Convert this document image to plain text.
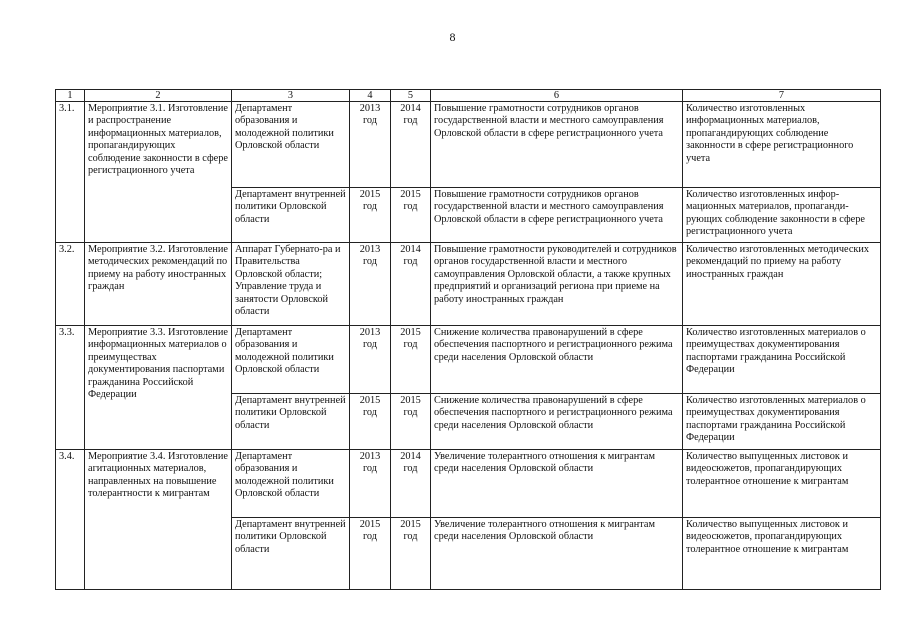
8
1	2	3	4	5	6	7
3.1.	Мероприятие 3.1. Изготовление и распространение информационных материалов, пропагандирующих соблюдение законности в сфере регистрационного учета	Департамент образования и молодежной политики Орловской области	2013 год	2014 год	Повышение грамотности сотрудников органов государственной власти и местного самоуправления Орловской области в сфере регистрационного учета	Количество изготовленных информационных материалов, пропагандирующих соблюдение законности в сфере регистрационного учета
		Департамент внутренней политики Орловской области	2015 год	2015 год	Повышение грамотности сотрудников органов государственной власти и местного самоуправления Орловской области в сфере регистрационного учета	Количество изготовленных инфор-мационных материалов, пропаганди-рующих соблюдение законности в сфере регистрационного учета
3.2.	Мероприятие 3.2. Изготовление методических рекомендаций по приему на работу иностранных граждан	Аппарат Губернато-ра и Правительства Орловской области; Управление труда и занятости Орловской области	2013 год	2014 год	Повышение грамотности руководителей и сотрудников органов государственной власти и местного самоуправления Орловской области, а также крупных предприятий и организаций региона при приеме на работу иностранных граждан	Количество изготовленных методических рекомендаций по приему на работу иностранных граждан
3.3.	Мероприятие 3.3. Изготовление информационных материалов о преимуществах документирования паспортами гражданина Российской Федерации	Департамент образования и молодежной политики Орловской области	2013 год	2015 год	Снижение количества правонарушений в сфере обеспечения паспортного и регистрационного режима среди населения Орловской области	Количество изготовленных материалов о преимуществах документирования паспортами гражданина Российской Федерации
		Департамент внутренней политики Орловской области	2015 год	2015 год	Снижение количества правонарушений в сфере обеспечения паспортного и регистрационного режима среди населения Орловской области	Количество изготовленных материалов о преимуществах документирования паспортами гражданина Российской Федерации
3.4.	Мероприятие 3.4. Изготовление агитационных материалов, направленных на повышение толерантности к мигрантам	Департамент образования и молодежной политики Орловской области	2013 год	2014 год	Увеличение толерантного отношения к мигрантам среди населения Орловской области	Количество выпущенных листовок и видеосюжетов, пропагандирующих толерантное отношение к мигрантам
		Департамент внутренней политики Орловской области	2015 год	2015 год	Увеличение толерантного отношения к мигрантам среди населения Орловской области	Количество выпущенных листовок и видеосюжетов, пропагандирующих толерантное отношение к мигрантам
